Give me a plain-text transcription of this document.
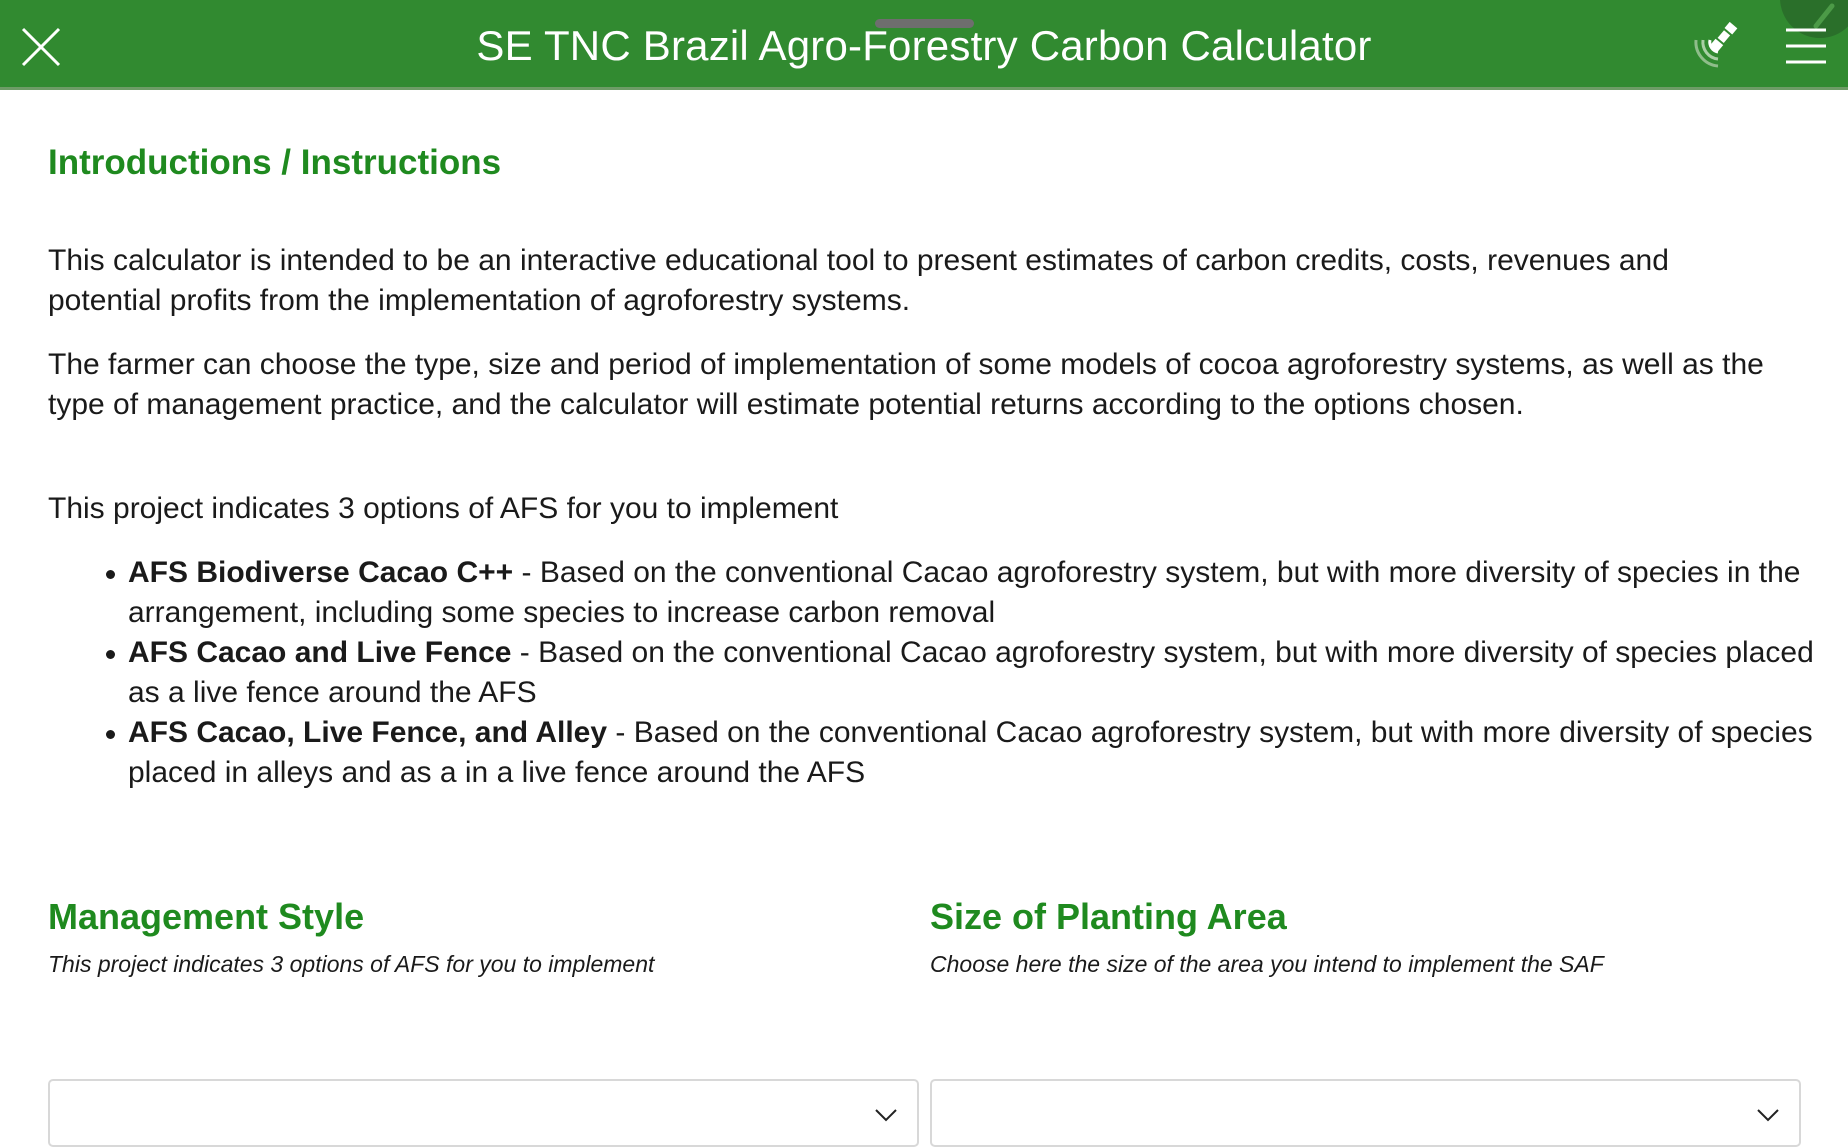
SE TNC Brazil Agro-Forestry Carbon Calculator
Introductions / Instructions

This calculator is intended to be an interactive educational tool to present estimates of carbon credits, costs, revenues and potential profits from the implementation of agroforestry systems.

The farmer can choose the type, size and period of implementation of some models of cocoa agroforestry systems, as well as the type of management practice, and the calculator will estimate potential returns according to the options chosen.

This project indicates 3 options of AFS for you to implement

AFS Biodiverse Cacao C++ - Based on the conventional Cacao agroforestry system, but with more diversity of species in the arrangement, including some species to increase carbon removal
AFS Cacao and Live Fence - Based on the conventional Cacao agroforestry system, but with more diversity of species placed as a live fence around the AFS
AFS Cacao, Live Fence, and Alley - Based on the conventional Cacao agroforestry system, but with more diversity of species placed in alleys and as a in a live fence around the AFS
Management Style
This project indicates 3 options of AFS for you to implement
Size of Planting Area
Choose here the size of the area you intend to implement the SAF
